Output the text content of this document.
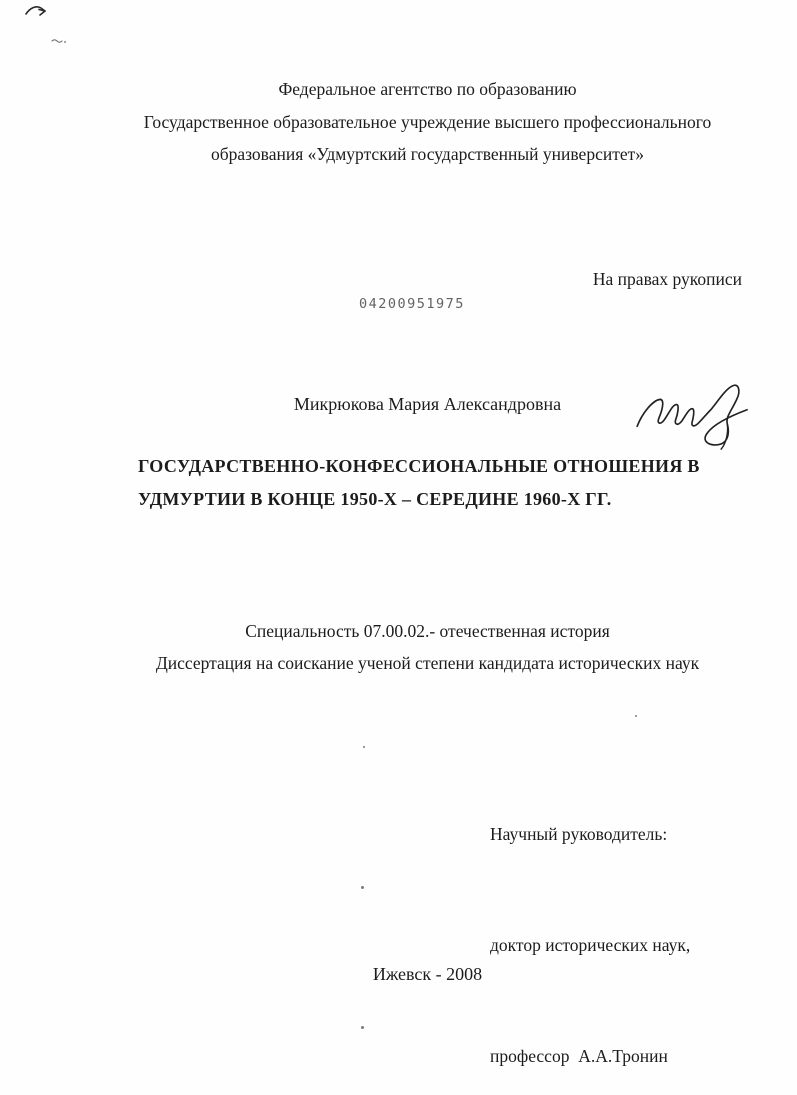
Федеральное агентство по образованию
Государственное образовательное учреждение высшего профессионального
образования «Удмуртский государственный университет»
На правах рукописи
04200951975
Микрюкова Мария Александровна
ГОСУДАРСТВЕННО-КОНФЕССИОНАЛЬНЫЕ ОТНОШЕНИЯ В
УДМУРТИИ В КОНЦЕ 1950-Х – СЕРЕДИНЕ 1960-Х ГГ.
Специальность 07.00.02.- отечественная история
Диссертация на соискание ученой степени кандидата исторических наук

Научный руководитель:

доктор исторических наук,

профессор  А.А.Тронин

Ижевск - 2008
